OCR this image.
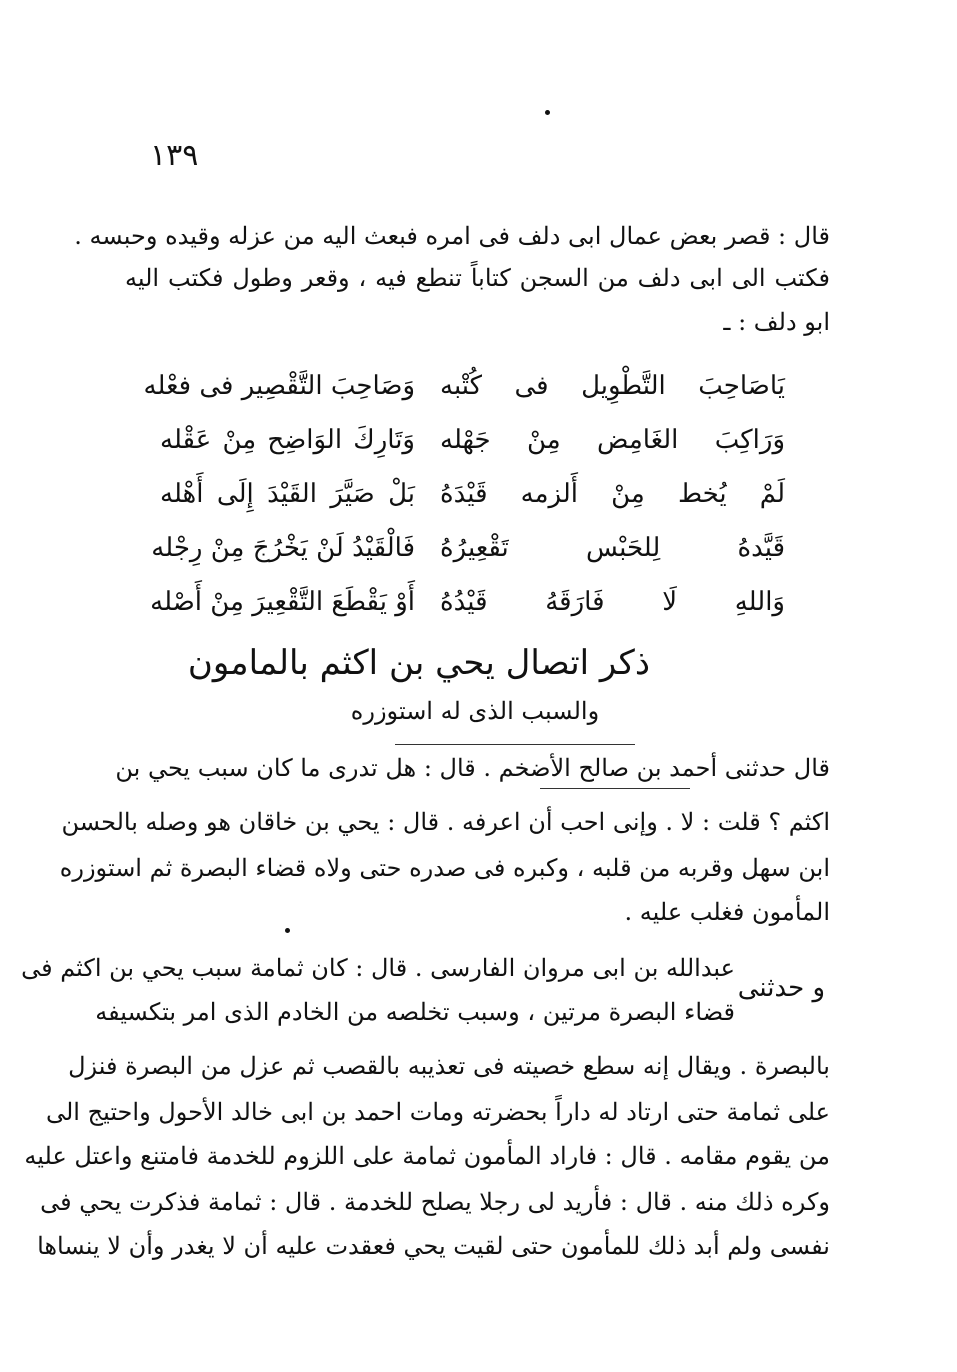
١٣٩
قال : قصر بعض عمال ابى دلف فى امره فبعث اليه من عزله وقيده وحبسه .
فكتب الى ابى دلف من السجن كتاباً تنطع فيه ، وقعر وطول فكتب اليه
ابو دلف : ـ
يَاصَاحِبَ التَّطْوِيل فى كُتْبه
وَصَاحِبَ التَّقْصِير فى فعْله
وَرَاكِبَ الغَامِض مِنْ جَهْله
وَتَارِكَ الوَاضِح مِنْ عَقْله
لَمْ يُخط مِنْ أَلزمه قَيْدَهُ
بَلْ صَيَّرَ القَيْدَ إِلَى أَهْله
قَيَّدهُ لِلحَبْس تَقْعِيرُهُ
فَالْقَيْدُ لَنْ يَخْرُجَ مِنْ رِجْله
وَاللهِ لَا فَارَقَهُ قَيْدُهُ
أَوْ يَقْطَعَ التَّقْعِيرَ مِنْ أَصْله
ذكر اتصال يحي بن اكثم بالمامون
والسبب الذى له استوزره
قال حدثنى أحمد بن صالح الأضخم . قال : هل تدرى ما كان سبب يحي بن
اكثم ؟ قلت : لا . وإنى احب أن اعرفه . قال : يحي بن خاقان هو وصله بالحسن
ابن سهل وقربه من قلبه ، وكبره فى صدره حتى ولاه قضاء البصرة ثم استوزره
المأمون فغلب عليه .
و حدثنى
عبدالله بن ابى مروان الفارسى . قال : كان ثمامة سبب يحي بن اكثم فى
قضاء البصرة مرتين ، وسبب تخلصه من الخادم الذى امر بتكسيفه
بالبصرة . ويقال إنه سطع خصيته فى تعذيبه بالقصب ثم عزل من البصرة فنزل
على ثمامة حتى ارتاد له داراً بحضرته ومات احمد بن ابى خالد الأحول واحتيج الى
من يقوم مقامه . قال : فاراد المأمون ثمامة على اللزوم للخدمة فامتنع واعتل عليه
وكره ذلك منه . قال : فأريد لى رجلا يصلح للخدمة . قال : ثمامة فذكرت يحي فى
نفسى ولم أبد ذلك للمأمون حتى لقيت يحي فعقدت عليه أن لا يغدر وأن لا ينساها
